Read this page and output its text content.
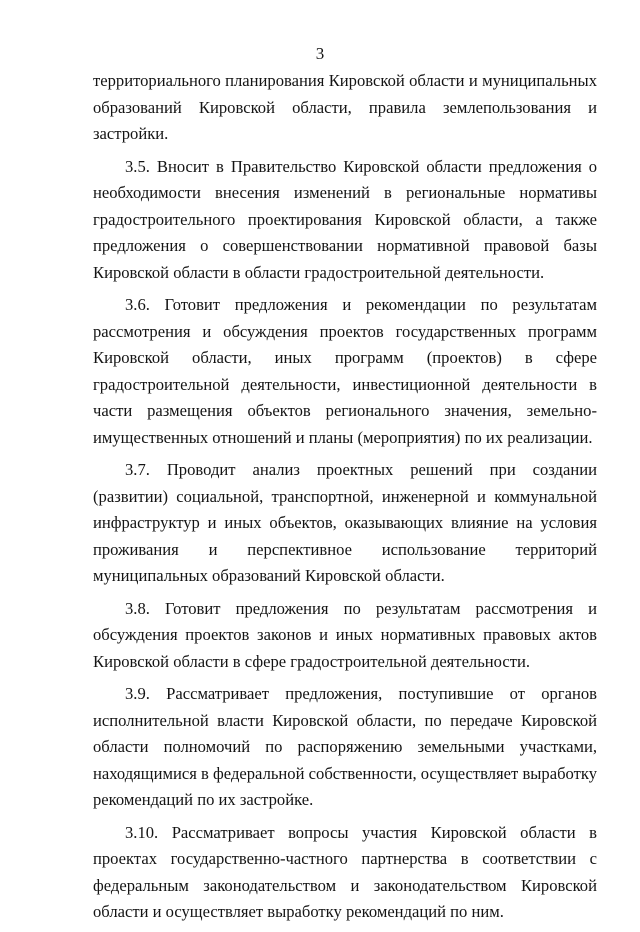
3

территориального планирования Кировской области и муниципальных образований Кировской области, правила землепользования и застройки.

3.5. Вносит в Правительство Кировской области предложения о необходимости внесения изменений в региональные нормативы градостроительного проектирования Кировской области, а также предложения о совершенствовании нормативной правовой базы Кировской области в области градостроительной деятельности.

3.6. Готовит предложения и рекомендации по результатам рассмотрения и обсуждения проектов государственных программ Кировской области, иных программ (проектов) в сфере градостроительной деятельности, инвестиционной деятельности в части размещения объектов регионального значения, земельно-имущественных отношений и планы (мероприятия) по их реализации.

3.7. Проводит анализ проектных решений при создании (развитии) социальной, транспортной, инженерной и коммунальной инфраструктур и иных объектов, оказывающих влияние на условия проживания и перспективное использование территорий муниципальных образований Кировской области.

3.8. Готовит предложения по результатам рассмотрения и обсуждения проектов законов и иных нормативных правовых актов Кировской области в сфере градостроительной деятельности.

3.9. Рассматривает предложения, поступившие от органов исполнительной власти Кировской области, по передаче Кировской области полномочий по распоряжению земельными участками, находящимися в федеральной собственности, осуществляет выработку рекомендаций по их застройке.

3.10. Рассматривает вопросы участия Кировской области в проектах государственно-частного партнерства в соответствии с федеральным законодательством и законодательством Кировской области и осуществляет выработку рекомендаций по ним.
